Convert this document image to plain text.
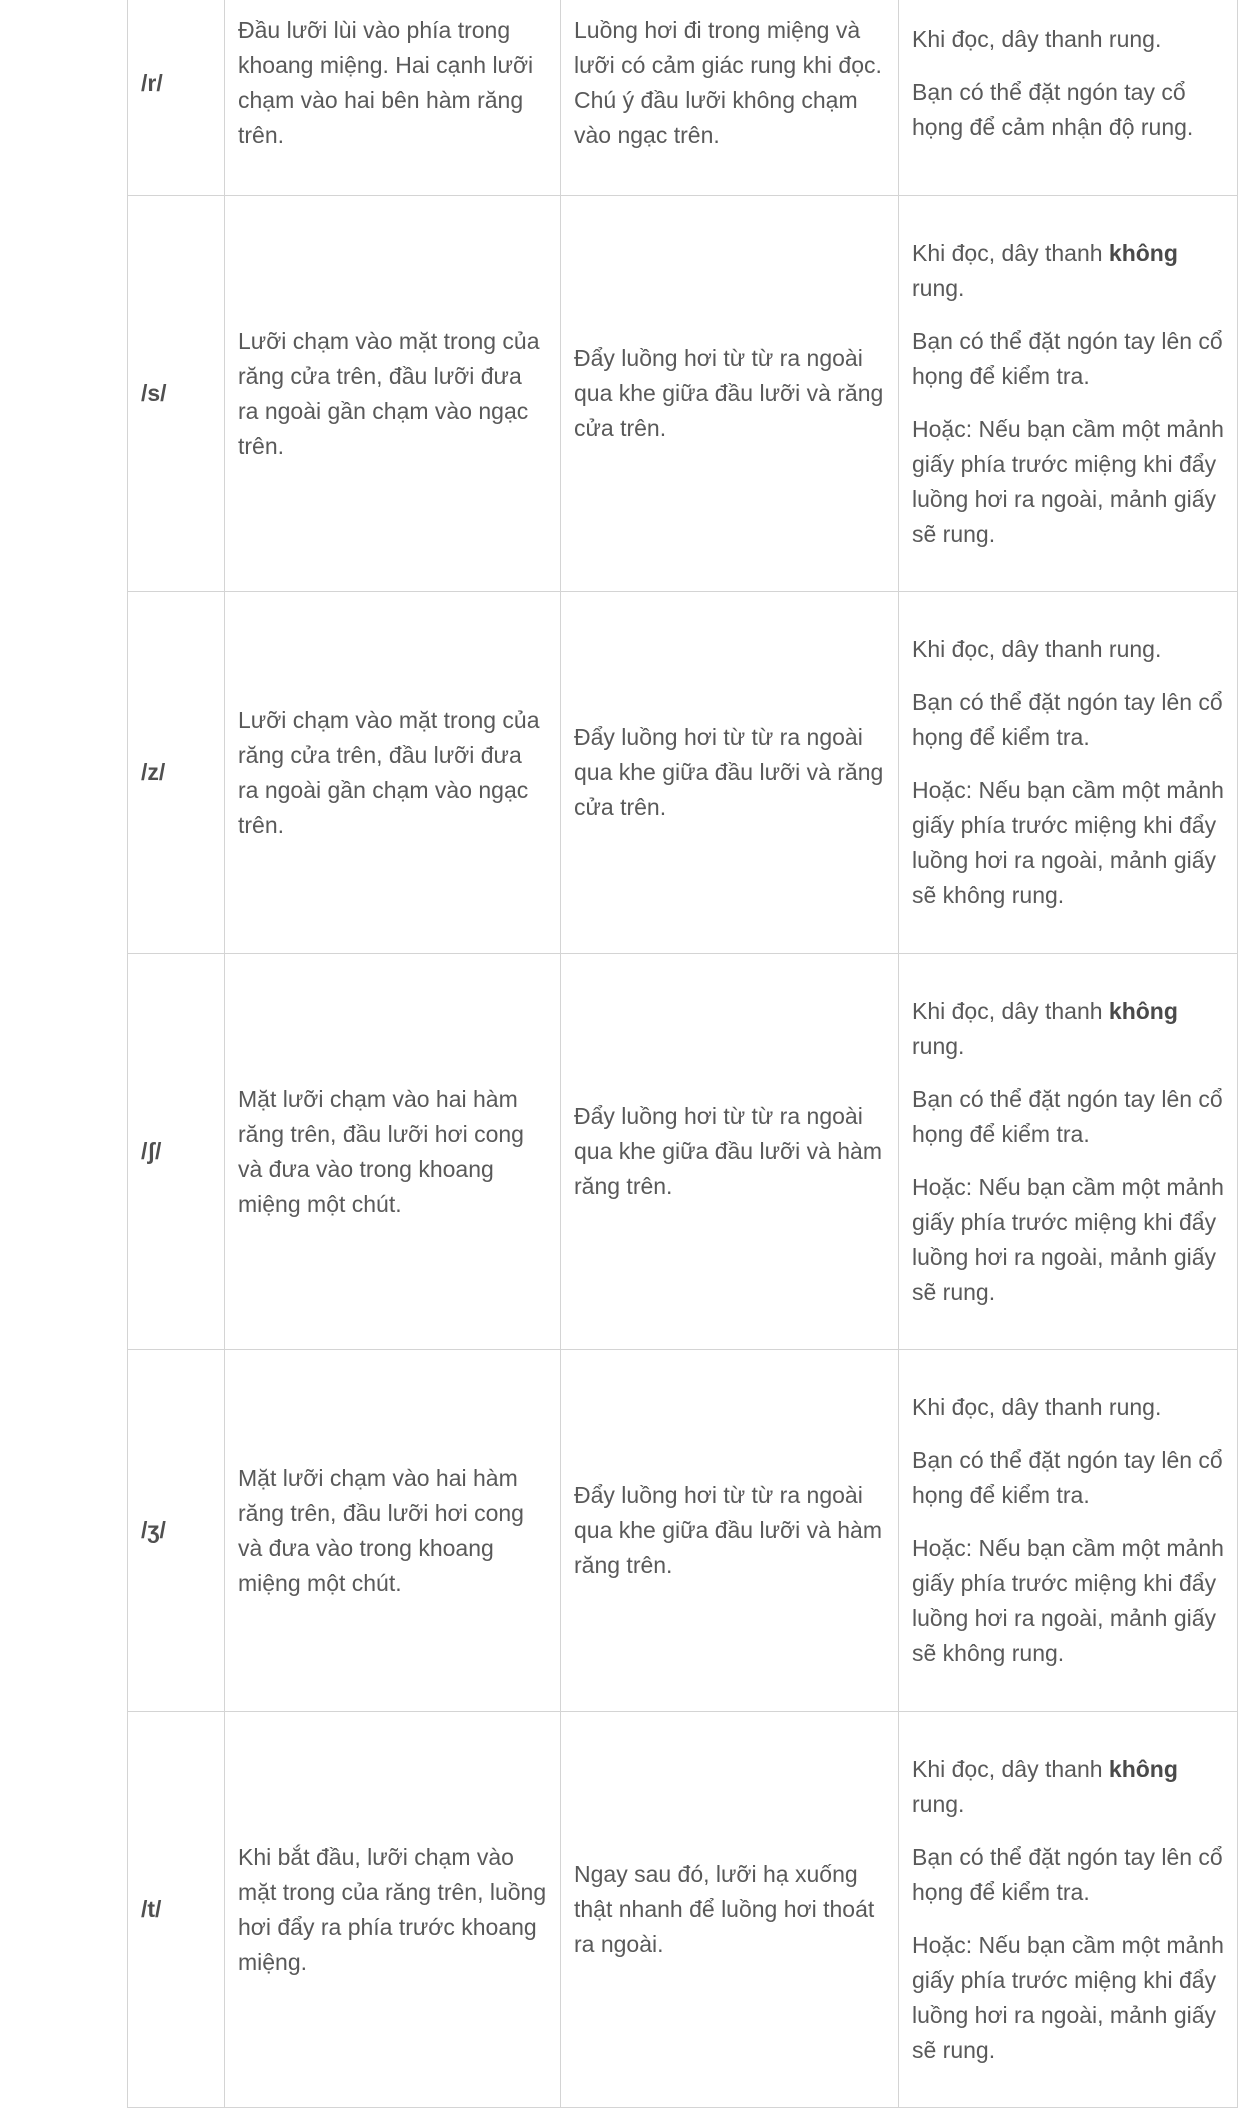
/r/	Đầu lưỡi lùi vào phía trong khoang miệng. Hai cạnh lưỡi chạm vào hai bên hàm răng trên.	Luồng hơi đi trong miệng và lưỡi có cảm giác rung khi đọc. Chú ý đầu lưỡi không chạm vào ngạc trên.	Khi đọc, dây thanh rung.

Bạn có thể đặt ngón tay cổ họng để cảm nhận độ rung.

/s/	Lưỡi chạm vào mặt trong của răng cửa trên, đầu lưỡi đưa ra ngoài gần chạm vào ngạc trên.	Đẩy luồng hơi từ từ ra ngoài qua khe giữa đầu lưỡi và răng cửa trên.	Khi đọc, dây thanh không rung.

Bạn có thể đặt ngón tay lên cổ họng để kiểm tra.

Hoặc: Nếu bạn cầm một mảnh giấy phía trước miệng khi đẩy luồng hơi ra ngoài, mảnh giấy sẽ rung.

/z/	Lưỡi chạm vào mặt trong của răng cửa trên, đầu lưỡi đưa ra ngoài gần chạm vào ngạc trên.	Đẩy luồng hơi từ từ ra ngoài qua khe giữa đầu lưỡi và răng cửa trên.	Khi đọc, dây thanh rung.

Bạn có thể đặt ngón tay lên cổ họng để kiểm tra.

Hoặc: Nếu bạn cầm một mảnh giấy phía trước miệng khi đẩy luồng hơi ra ngoài, mảnh giấy sẽ không rung.

/ʃ/	Mặt lưỡi chạm vào hai hàm răng trên, đầu lưỡi hơi cong và đưa vào trong khoang miệng một chút.	Đẩy luồng hơi từ từ ra ngoài qua khe giữa đầu lưỡi và hàm răng trên.	Khi đọc, dây thanh không rung.

Bạn có thể đặt ngón tay lên cổ họng để kiểm tra.

Hoặc: Nếu bạn cầm một mảnh giấy phía trước miệng khi đẩy luồng hơi ra ngoài, mảnh giấy sẽ rung.

/ʒ/	Mặt lưỡi chạm vào hai hàm răng trên, đầu lưỡi hơi cong và đưa vào trong khoang miệng một chút.	Đẩy luồng hơi từ từ ra ngoài qua khe giữa đầu lưỡi và hàm răng trên.	Khi đọc, dây thanh rung.

Bạn có thể đặt ngón tay lên cổ họng để kiểm tra.

Hoặc: Nếu bạn cầm một mảnh giấy phía trước miệng khi đẩy luồng hơi ra ngoài, mảnh giấy sẽ không rung.

/t/	Khi bắt đầu, lưỡi chạm vào mặt trong của răng trên, luồng hơi đẩy ra phía trước khoang miệng.	Ngay sau đó, lưỡi hạ xuống thật nhanh để luồng hơi thoát ra ngoài.	Khi đọc, dây thanh không rung.

Bạn có thể đặt ngón tay lên cổ họng để kiểm tra.

Hoặc: Nếu bạn cầm một mảnh giấy phía trước miệng khi đẩy luồng hơi ra ngoài, mảnh giấy sẽ rung.
